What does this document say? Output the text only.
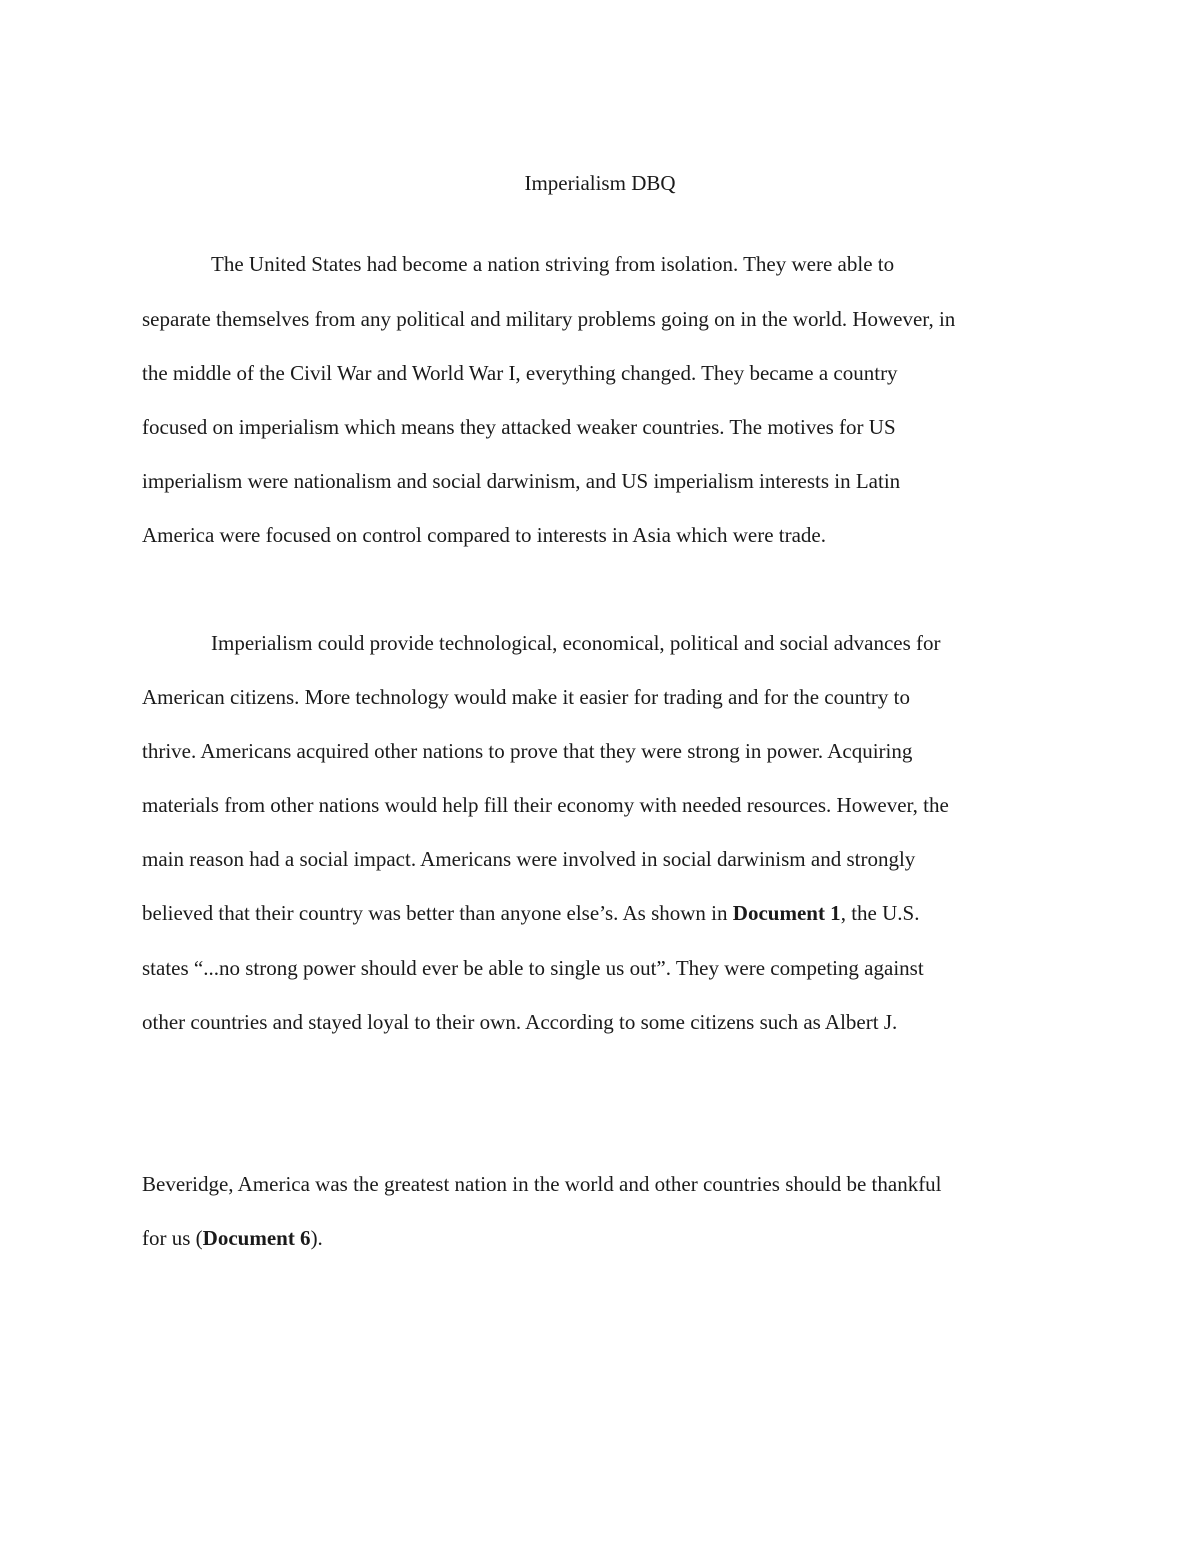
Imperialism DBQ
The United States had become a nation striving from isolation. They were able to
separate themselves from any political and military problems going on in the world. However, in
the middle of the Civil War and World War I, everything changed. They became a country
focused on imperialism which means they attacked weaker countries. The motives for US
imperialism were nationalism and social darwinism, and US imperialism interests in Latin
America were focused on control compared to interests in Asia which were trade.
Imperialism could provide technological, economical, political and social advances for
American citizens. More technology would make it easier for trading and for the country to
thrive. Americans acquired other nations to prove that they were strong in power. Acquiring
materials from other nations would help fill their economy with needed resources. However, the
main reason had a social impact. Americans were involved in social darwinism and strongly
believed that their country was better than anyone else’s. As shown in Document 1, the U.S.
states “...no strong power should ever be able to single us out”. They were competing against
other countries and stayed loyal to their own. According to some citizens such as Albert J.
Beveridge, America was the greatest nation in the world and other countries should be thankful
for us (Document 6).
